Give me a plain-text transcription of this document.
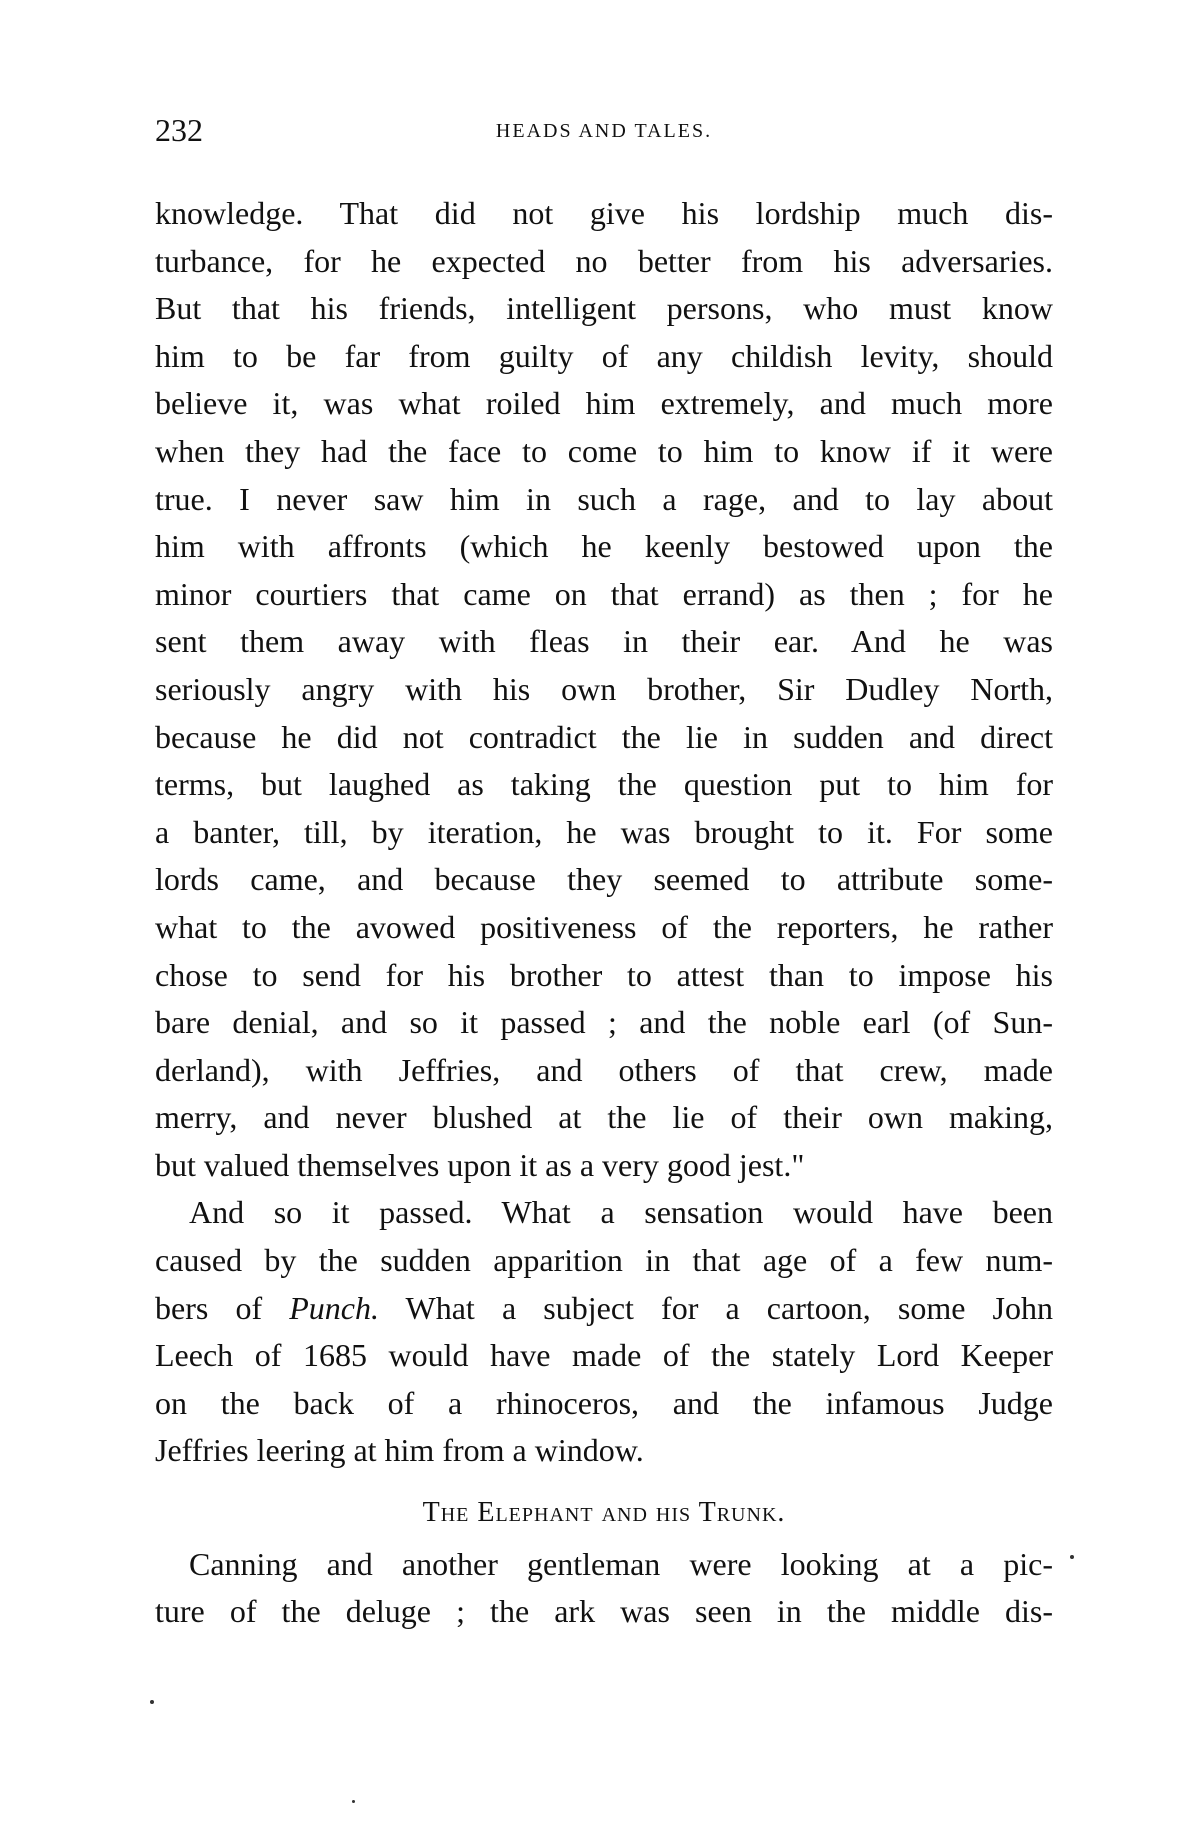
232	HEADS AND TALES.
knowledge. That did not give his lordship much dis-
turbance, for he expected no better from his adversaries.
But that his friends, intelligent persons, who must know
him to be far from guilty of any childish levity, should
believe it, was what roiled him extremely, and much more
when they had the face to come to him to know if it were
true. I never saw him in such a rage, and to lay about
him with affronts (which he keenly bestowed upon the
minor courtiers that came on that errand) as then ; for he
sent them away with fleas in their ear. And he was
seriously angry with his own brother, Sir Dudley North,
because he did not contradict the lie in sudden and direct
terms, but laughed as taking the question put to him for
a banter, till, by iteration, he was brought to it. For some
lords came, and because they seemed to attribute some-
what to the avowed positiveness of the reporters, he rather
chose to send for his brother to attest than to impose his
bare denial, and so it passed ; and the noble earl (of Sun-
derland), with Jeffries, and others of that crew, made
merry, and never blushed at the lie of their own making,
but valued themselves upon it as a very good jest."
And so it passed. What a sensation would have been
caused by the sudden apparition in that age of a few num-
bers of Punch. What a subject for a cartoon, some John
Leech of 1685 would have made of the stately Lord Keeper
on the back of a rhinoceros, and the infamous Judge
Jeffries leering at him from a window.
The Elephant and his Trunk.
Canning and another gentleman were looking at a pic-
ture of the deluge ; the ark was seen in the middle dis-
